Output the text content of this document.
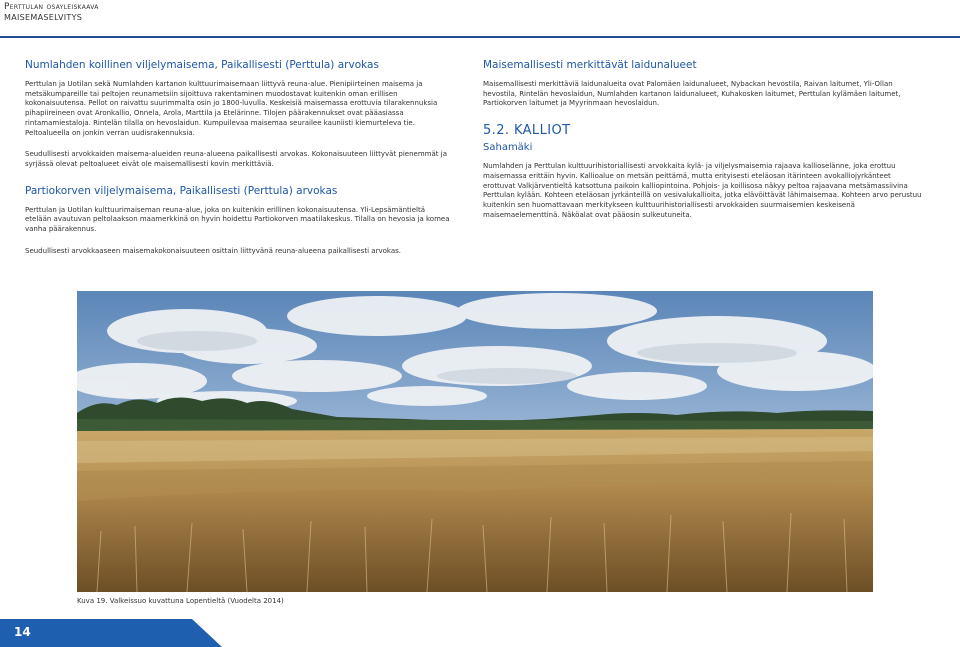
Perttulan osayleiskaava
MAISEMASELVITYS
Numlahden koillinen viljelymaisema, Paikallisesti (Perttula) arvokas

Perttulan ja Uotilan sekä Numlahden kartanon kulttuurimaisemaan liittyvä reuna-alue. Pienipiirteinen maisema ja metsäkumpareille tai peltojen reunametsiin sijoittuva rakentaminen muodostavat kuitenkin oman erillisen kokonaisuutensa. Pellot on raivattu suurimmalta osin jo 1800-luvulla. Keskeisiä maisemassa erottuvia tilarakennuksia pihapiireineen ovat Aronkallio, Onnela, Arola, Marttila ja Etelärinne. Tilojen päärakennukset ovat pääasiassa rintamamiestaloja. Rintelän tilalla on hevoslaidun. Kumpuilevaa maisemaa seurailee kauniisti kiemurteleva tie. Peltoalueella on jonkin verran uudisrakennuksia.

Seudullisesti arvokkaiden maisema-alueiden reuna-alueena paikallisesti arvokas. Kokonaisuuteen liittyvät pienemmät ja syrjässä olevat peltoalueet eivät ole maisemallisesti kovin merkittäviä.

Partiokorven viljelymaisema, Paikallisesti (Perttula) arvokas

Perttulan ja Uotilan kulttuurimaiseman reuna-alue, joka on kuitenkin erillinen kokonaisuutensa. Yli-Lepsämäntieltä etelään avautuvan peltolaakson maamerkkinä on hyvin hoidettu Partiokorven maatilakeskus. Tilalla on hevosia ja komea vanha päärakennus.

Seudullisesti arvokkaaseen maisemakokonaisuuteen osittain liittyvänä reuna-alueena paikallisesti arvokas.

Maisemallisesti merkittävät laidunalueet

Maisemallisesti merkittäviä laidunalueita ovat Palomäen laidunalueet, Nybackan hevostila, Raivan laitumet, Yli-Ollan hevostila, Rintelän hevoslaidun, Numlahden kartanon laidunalueet, Kuhakosken laitumet, Perttulan kylämäen laitumet, Partiokorven laitumet ja Myyrinmaan hevoslaidun.

5.2. KALLIOT
Sahamäki

Numlahden ja Perttulan kulttuurihistoriallisesti arvokkaita kylä- ja viljelysmaisemia rajaava kallioselänne, joka erottuu maisemassa erittäin hyvin. Kallioalue on metsän peittämä, mutta erityisesti eteläosan itärinteen avokalliojyrkänteet erottuvat Valkjärventieltä katsottuna paikoin kalliopintoina. Pohjois- ja koillisosa näkyy peltoa rajaavana metsämassiivina Perttulan kylään. Kohteen eteläosan jyrkänteillä on vesivalukallioita, jotka elävöittävät lähimaisemaa. Kohteen arvo perustuu kuitenkin sen huomattavaan merkitykseen kulttuurihistoriallisesti arvokkaiden suurmaisemien keskeisenä maisemaelementtinä. Näköalat ovat pääosin sulkeutuneita.

Kuva 19. Valkeissuo kuvattuna Lopentieltä (Vuodelta 2014)
14
